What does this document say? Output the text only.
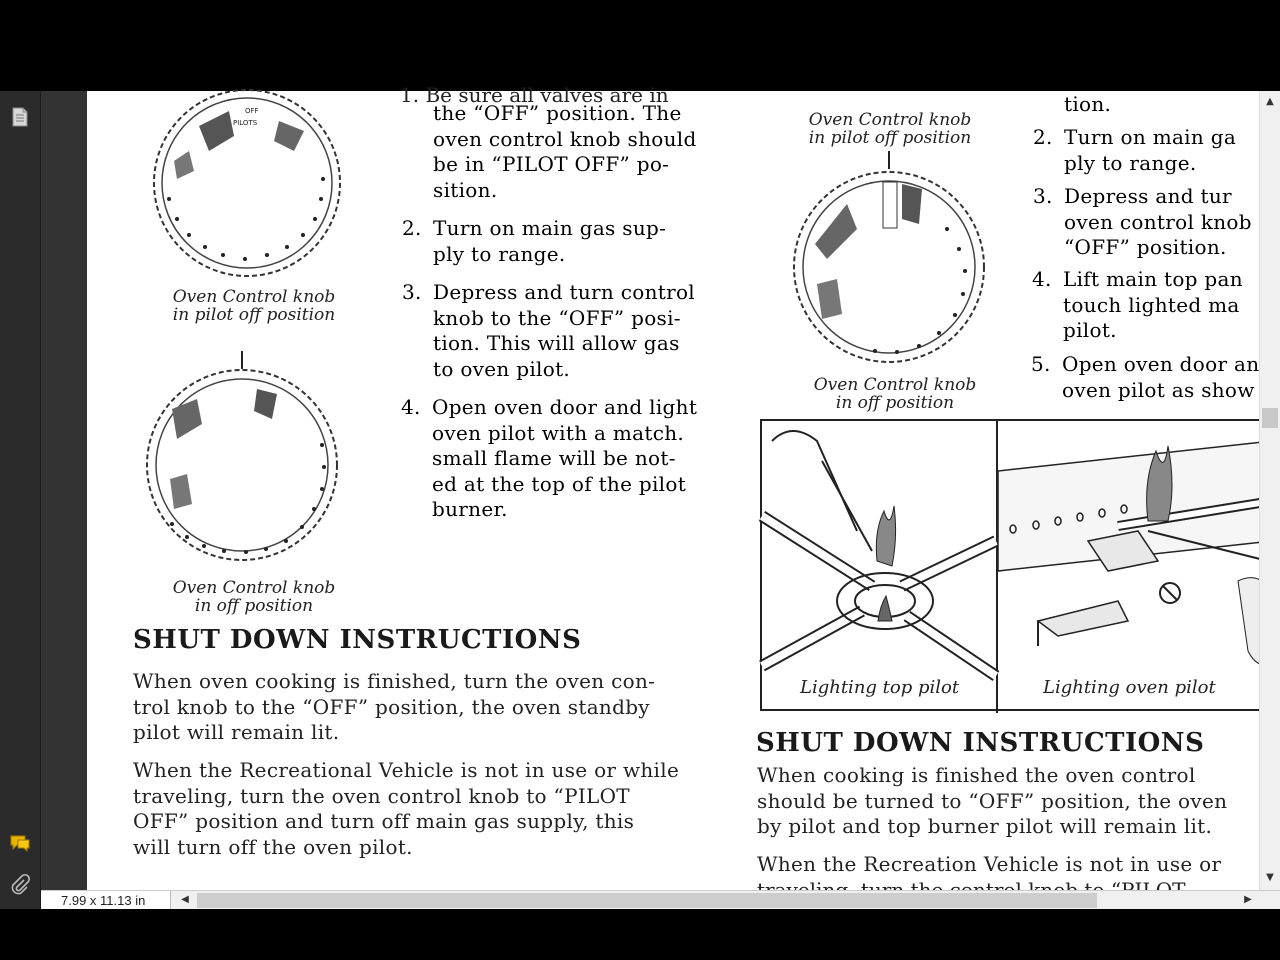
OFF
PILOTS
Oven Control knob
in pilot off position
Oven Control knob
in off position
1. Be sure all valves are in
the “OFF” position. The
oven control knob should
be in “PILOT OFF” po-
sition.
2. Turn on main gas sup-
ply to range.
3. Depress and turn control
knob to the “OFF” posi-
tion. This will allow gas
to oven pilot.
4. Open oven door and light
oven pilot with a match.
small flame will be not-
ed at the top of the pilot
burner.
SHUT DOWN INSTRUCTIONS
When oven cooking is finished, turn the oven con-
trol knob to the “OFF” position, the oven standby
pilot will remain lit.
When the Recreational Vehicle is not in use or while
traveling, turn the oven control knob to “PILOT
OFF” position and turn off main gas supply, this
will turn off the oven pilot.
Oven Control knob
in pilot off position
Oven Control knob
in off position
tion.
2. Turn on main ga
ply to range.
3. Depress and tur
oven control knob
“OFF” position.
4. Lift main top pan
touch lighted ma
pilot.
5. Open oven door an
oven pilot as show
Lighting top pilot	Lighting oven pilot
SHUT DOWN INSTRUCTIONS
When cooking is finished the oven control
should be turned to “OFF” position, the oven
by pilot and top burner pilot will remain lit.
When the Recreation Vehicle is not in use or
▲
▼
7.99 x 11.13 in	◀	▶
